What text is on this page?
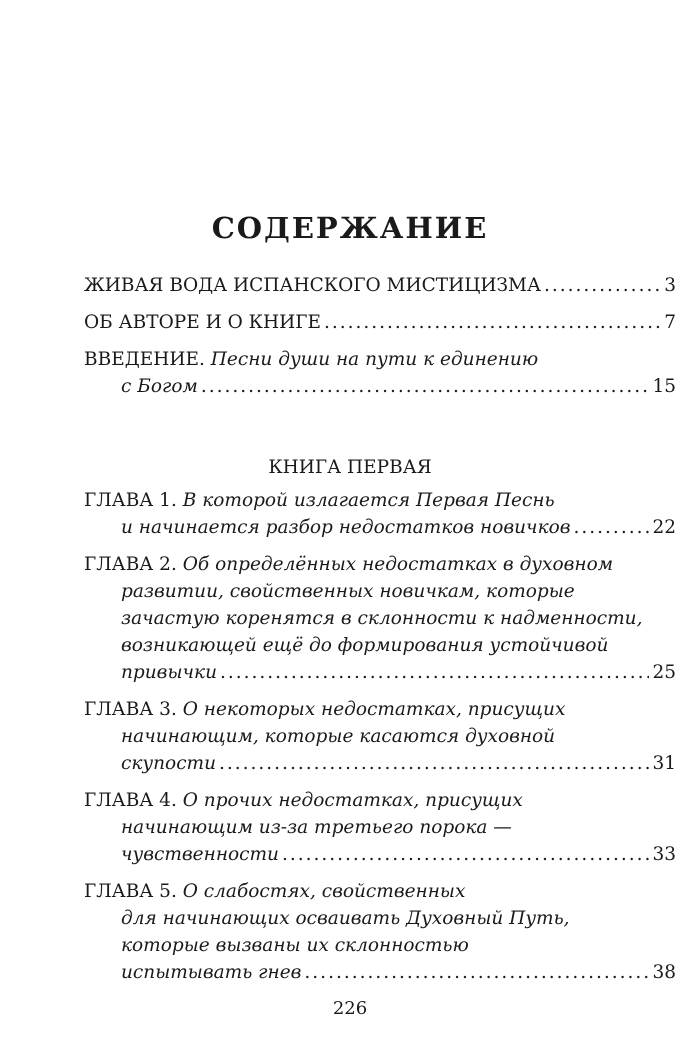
СОДЕРЖАНИЕ
ЖИВАЯ ВОДА ИСПАНСКОГО МИСТИЦИЗМА .....	3
ОБ АВТОРЕ И О КНИГЕ .....	7
ВВЕДЕНИЕ.
Песни души на пути к единению
с Богом .....	15
КНИГА ПЕРВАЯ
ГЛАВА 1.
В которой излагается Первая Песнь
и начинается разбор недостатков новичков .....	22
ГЛАВА 2.
Об определённых недостатках в духовном
развитии, свойственных новичкам, которые
зачастую коренятся в склонности к надменности,
возникающей ещё до формирования устойчивой
привычки .....	25
ГЛАВА 3.
О некоторых недостатках, присущих
начинающим, которые касаются духовной
скупости .....	31
ГЛАВА 4.
О прочих недостатках, присущих
начинающим из-за третьего порока —
чувственности .....	33
ГЛАВА 5.
О слабостях, свойственных
для начинающих осваивать Духовный Путь,
которые вызваны их склонностью
испытывать гнев .....	38
226
